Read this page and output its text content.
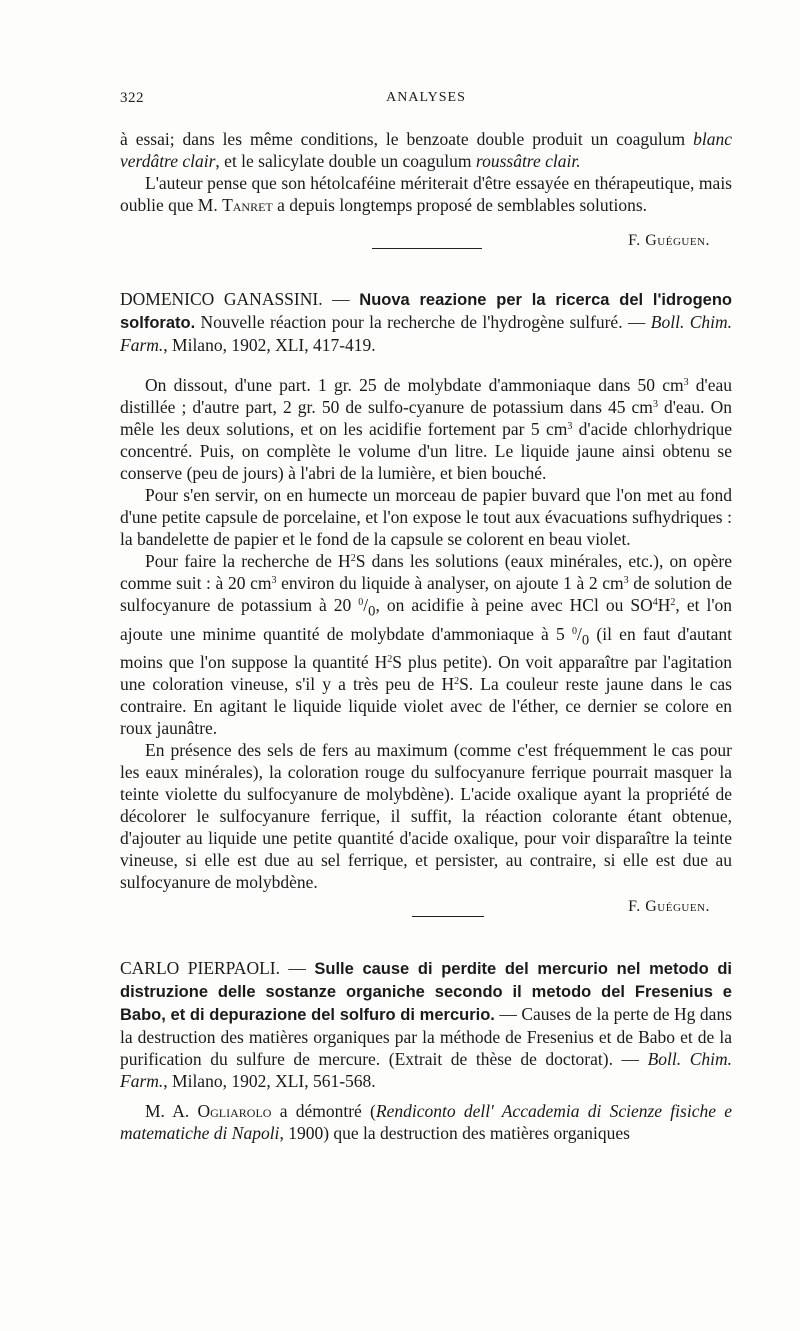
322	ANALYSES

à essai; dans les même conditions, le benzoate double produit un coagulum blanc verdâtre clair, et le salicylate double un coagulum roussâtre clair.

L'auteur pense que son hétolcaféine mériterait d'être essayée en thérapeutique, mais oublie que M. Tanret a depuis longtemps proposé de semblables solutions.

F. Guéguen.

DOMENICO GANASSINI. — Nuova reazione per la ricerca del l'idrogeno solforato. Nouvelle réaction pour la recherche de l'hydrogène sulfuré. — Boll. Chim. Farm., Milano, 1902, XLI, 417-419.

On dissout, d'une part. 1 gr. 25 de molybdate d'ammoniaque dans 50 $cm^3$ d'eau distillée ; d'autre part, 2 gr. 50 de sulfo-cyanure de potassium dans 45 $cm^3$ d'eau. On mêle les deux solutions, et on les acidifie fortement par 5 $cm^3$ d'acide chlorhydrique concentré. Puis, on complète le volume d'un litre. Le liquide jaune ainsi obtenu se conserve (peu de jours) à l'abri de la lumière, et bien bouché.

Pour s'en servir, on en humecte un morceau de papier buvard que l'on met au fond d'une petite capsule de porcelaine, et l'on expose le tout aux évacuations sufhydriques : la bandelette de papier et le fond de la capsule se colorent en beau violet.

Pour faire la recherche de $H^2S$ dans les solutions (eaux minérales, etc.), on opère comme suit : à 20 $cm^3$ environ du liquide à analyser, on ajoute 1 à 2 $cm^3$ de solution de sulfocyanure de potassium à 20 $^0/_0$, on acidifie à peine avec HCl ou $SO^4H^2$, et l'on ajoute une minime quantité de molybdate d'ammoniaque à 5 $^0/_0$ (il en faut d'autant moins que l'on suppose la quantité $H^2S$ plus petite). On voit apparaître par l'agitation une coloration vineuse, s'il y a très peu de $H^2S$. La couleur reste jaune dans le cas contraire. En agitant le liquide liquide violet avec de l'éther, ce dernier se colore en roux jaunâtre.

En présence des sels de fers au maximum (comme c'est fréquemment le cas pour les eaux minérales), la coloration rouge du sulfocyanure ferrique pourrait masquer la teinte violette du sulfocyanure de molybdène). L'acide oxalique ayant la propriété de décolorer le sulfocyanure ferrique, il suffit, la réaction colorante étant obtenue, d'ajouter au liquide une petite quantité d'acide oxalique, pour voir disparaître la teinte vineuse, si elle est due au sel ferrique, et persister, au contraire, si elle est due au sulfocyanure de molybdène.

F. Guéguen.

CARLO PIERPAOLI. — Sulle cause di perdite del mercurio nel metodo di distruzione delle sostanze organiche secondo il metodo del Fresenius e Babo, et di depurazione del solfuro di mercurio. — Causes de la perte de Hg dans la destruction des matières organiques par la méthode de Fresenius et de Babo et de la purification du sulfure de mercure. (Extrait de thèse de doctorat). — Boll. Chim. Farm., Milano, 1902, XLI, 561-568.

M. A. Ogliarolo a démontré (Rendiconto dell' Accademia di Scienze fisiche e matematiche di Napoli, 1900) que la destruction des matières organiques
